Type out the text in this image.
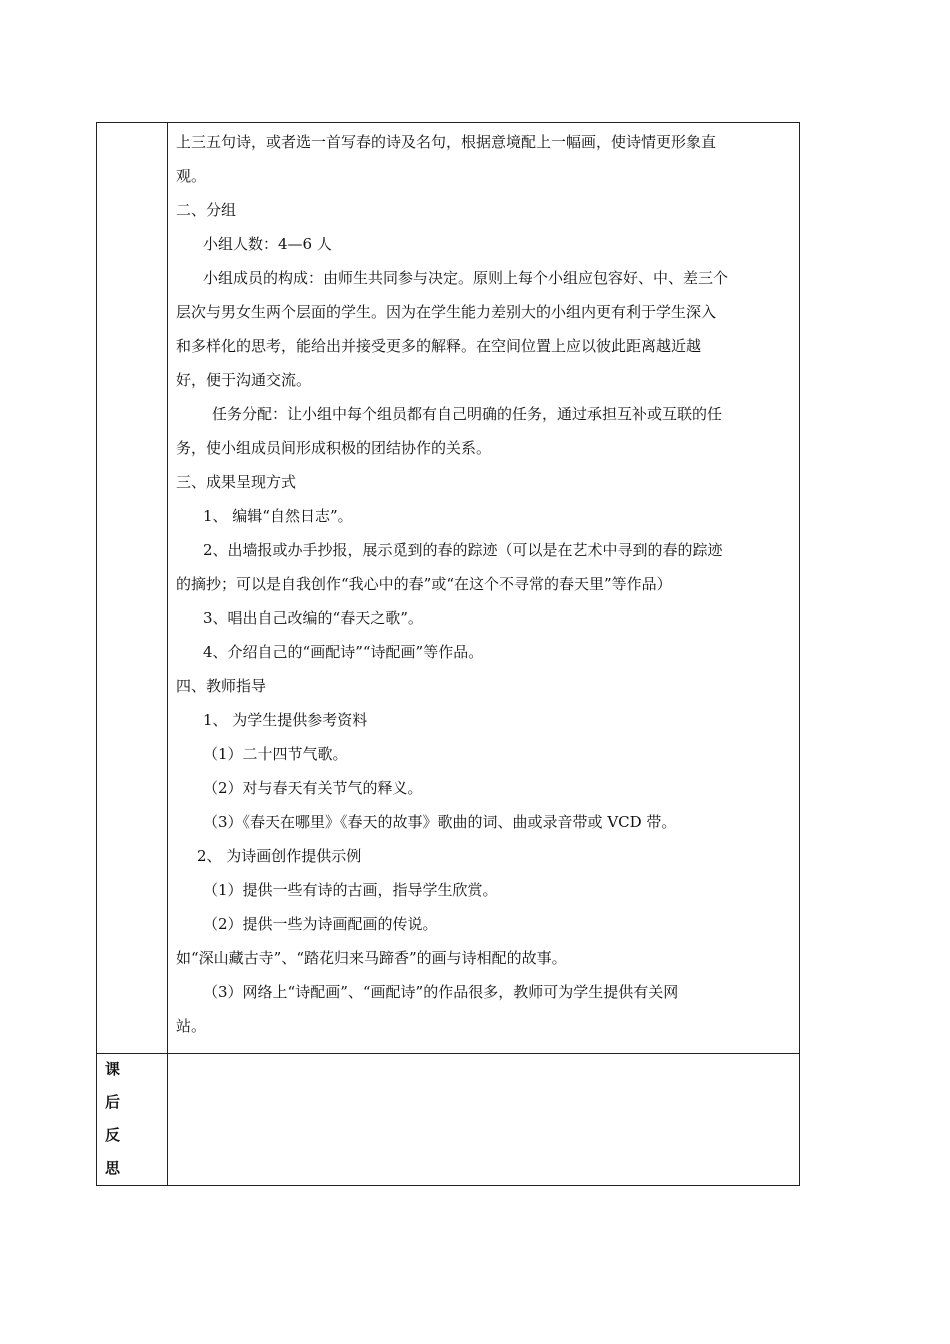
上三五句诗，或者选一首写春的诗及名句，根据意境配上一幅画，使诗情更形象直
观。
二、分组
小组人数：4—6 人
小组成员的构成：由师生共同参与决定。原则上每个小组应包容好、中、差三个
层次与男女生两个层面的学生。因为在学生能力差别大的小组内更有利于学生深入
和多样化的思考，能给出并接受更多的解释。在空间位置上应以彼此距离越近越
好，便于沟通交流。
任务分配：让小组中每个组员都有自己明确的任务，通过承担互补或互联的任
务，使小组成员间形成积极的团结协作的关系。
三、成果呈现方式
1、 编辑“自然日志”。
2、出墙报或办手抄报，展示觅到的春的踪迹（可以是在艺术中寻到的春的踪迹
的摘抄；可以是自我创作“我心中的春”或“在这个不寻常的春天里”等作品）
3、唱出自己改编的“春天之歌”。
4、介绍自己的“画配诗”“诗配画”等作品。
四、教师指导
1、 为学生提供参考资料
（1）二十四节气歌。
（2）对与春天有关节气的释义。
（3）《春天在哪里》《春天的故事》歌曲的词、曲或录音带或 VCD 带。
2、 为诗画创作提供示例
（1）提供一些有诗的古画，指导学生欣赏。
（2）提供一些为诗画配画的传说。
如“深山藏古寺”、“踏花归来马蹄香”的画与诗相配的故事。
（3）网络上“诗配画”、“画配诗”的作品很多，教师可为学生提供有关网
站。
课
后
反
思
